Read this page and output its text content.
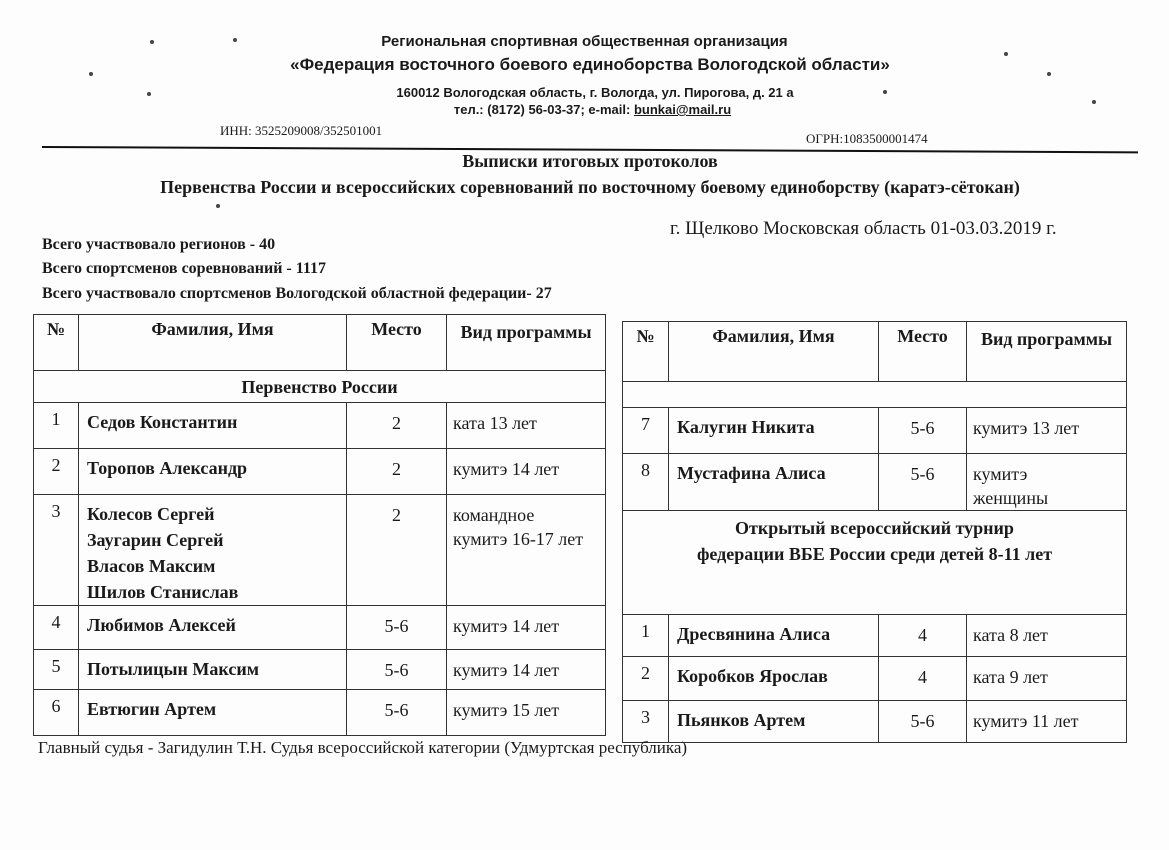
Региональная спортивная общественная организация
«Федерация восточного боевого единоборства Вологодской области»
160012 Вологодская область, г. Вологда, ул. Пирогова, д. 21 а
тел.: (8172) 56-03-37; e-mail: bunkai@mail.ru
ИНН: 3525209008/352501001
ОГРН:1083500001474
Выписки итоговых протоколов
Первенства России и всероссийских соревнований по восточному боевому единоборству (каратэ-сётокан)
г. Щелково Московская область 01-03.03.2019 г.
Всего участвовало регионов - 40
Всего спортсменов соревнований - 1117
Всего участвовало спортсменов Вологодской областной федерации- 27
№	Фамилия, Имя	Место	Вид программы
Первенство России			
1	Седов Константин	2	ката 13 лет
2	Торопов Александр	2	кумитэ 14 лет
3	Колесов Сергей
Заугарин Сергей
Власов Максим
Шилов Станислав	2	командное кумитэ 16-17 лет
4	Любимов Алексей	5-6	кумитэ 14 лет
5	Потылицын Максим	5-6	кумитэ 14 лет
6	Евтюгин Артем	5-6	кумитэ 15 лет
№	Фамилия, Имя	Место	Вид программы

7	Калугин Никита	5-6	кумитэ 13 лет
8	Мустафина Алиса	5-6	кумитэ женщины
Открытый всероссийский турнир
федерации ВБЕ России среди детей 8-11 лет			
1	Дресвянина Алиса	4	ката 8 лет
2	Коробков Ярослав	4	ката 9 лет
3	Пьянков Артем	5-6	кумитэ 11 лет
Главный судья - Загидулин Т.Н. Судья всероссийской категории (Удмуртская республика)
